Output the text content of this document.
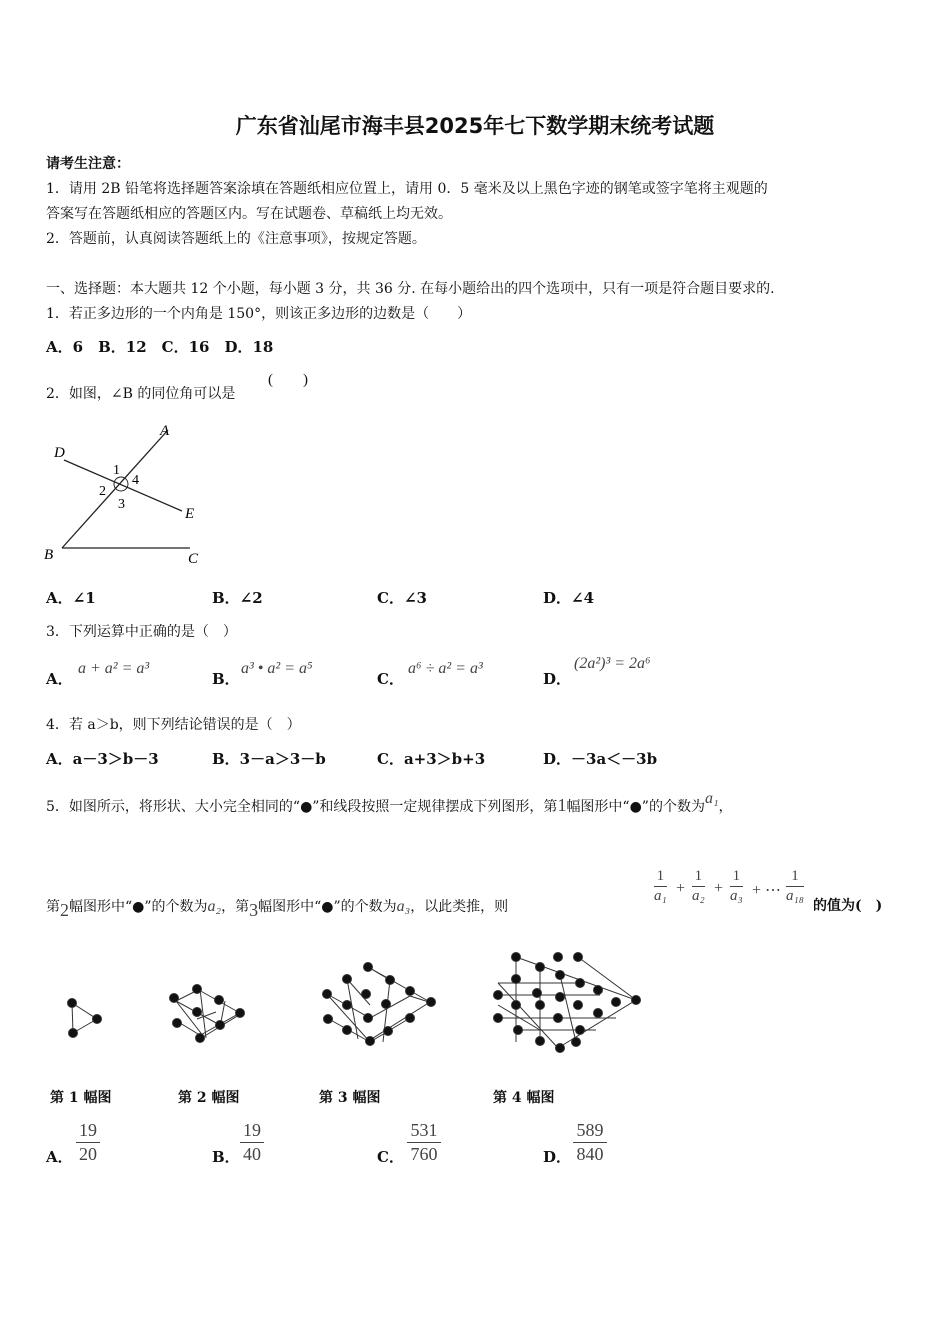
广东省汕尾市海丰县2025年七下数学期末统考试题
请考生注意：
1．请用 2B 铅笔将选择题答案涂填在答题纸相应位置上，请用 0．5 毫米及以上黑色字迹的钢笔或签字笔将主观题的
答案写在答题纸相应的答题区内。写在试题卷、草稿纸上均无效。
2．答题前，认真阅读答题纸上的《注意事项》，按规定答题。
一、选择题：本大题共 12 个小题，每小题 3 分，共 36 分. 在每小题给出的四个选项中，只有一项是符合题目要求的.
1．若正多边形的一个内角是 150°，则该正多边形的边数是（　　）
A．6　B．12　C．16　D．18
2．如图，∠B 的同位角可以是
(　　)
D
A
1
4
2
3
E
B	C
A．∠1	B．∠2	C．∠3	D．∠4
3．下列运算中正确的是（　）
A．
a + a² = a³
B．
a³ • a² = a⁵
C．
a⁶ ÷ a² = a³
D．
(2a²)³ = 2a⁶
4．若 a＞b，则下列结论错误的是（　）
A．a－3＞b－3	B．3－a＞3－b	C．a+3＞b+3	D．－3a＜－3b
5．如图所示，将形状、大小完全相同的“●”和线段按照一定规律摆成下列图形，第1幅图形中“●”的个数为a₁，
第2幅图形中“●”的个数为a₂，第3幅图形中“●”的个数为a₃，以此类推，则
1
a₁ +
1
a₂ +
1
a₃ + ⋯
1
a₁₈
的值为(　)
第 1 幅图	第 2 幅图	第 3 幅图	第 4 幅图
A．
19
20	B．
19
40	C．
531
760	D．
589
840
